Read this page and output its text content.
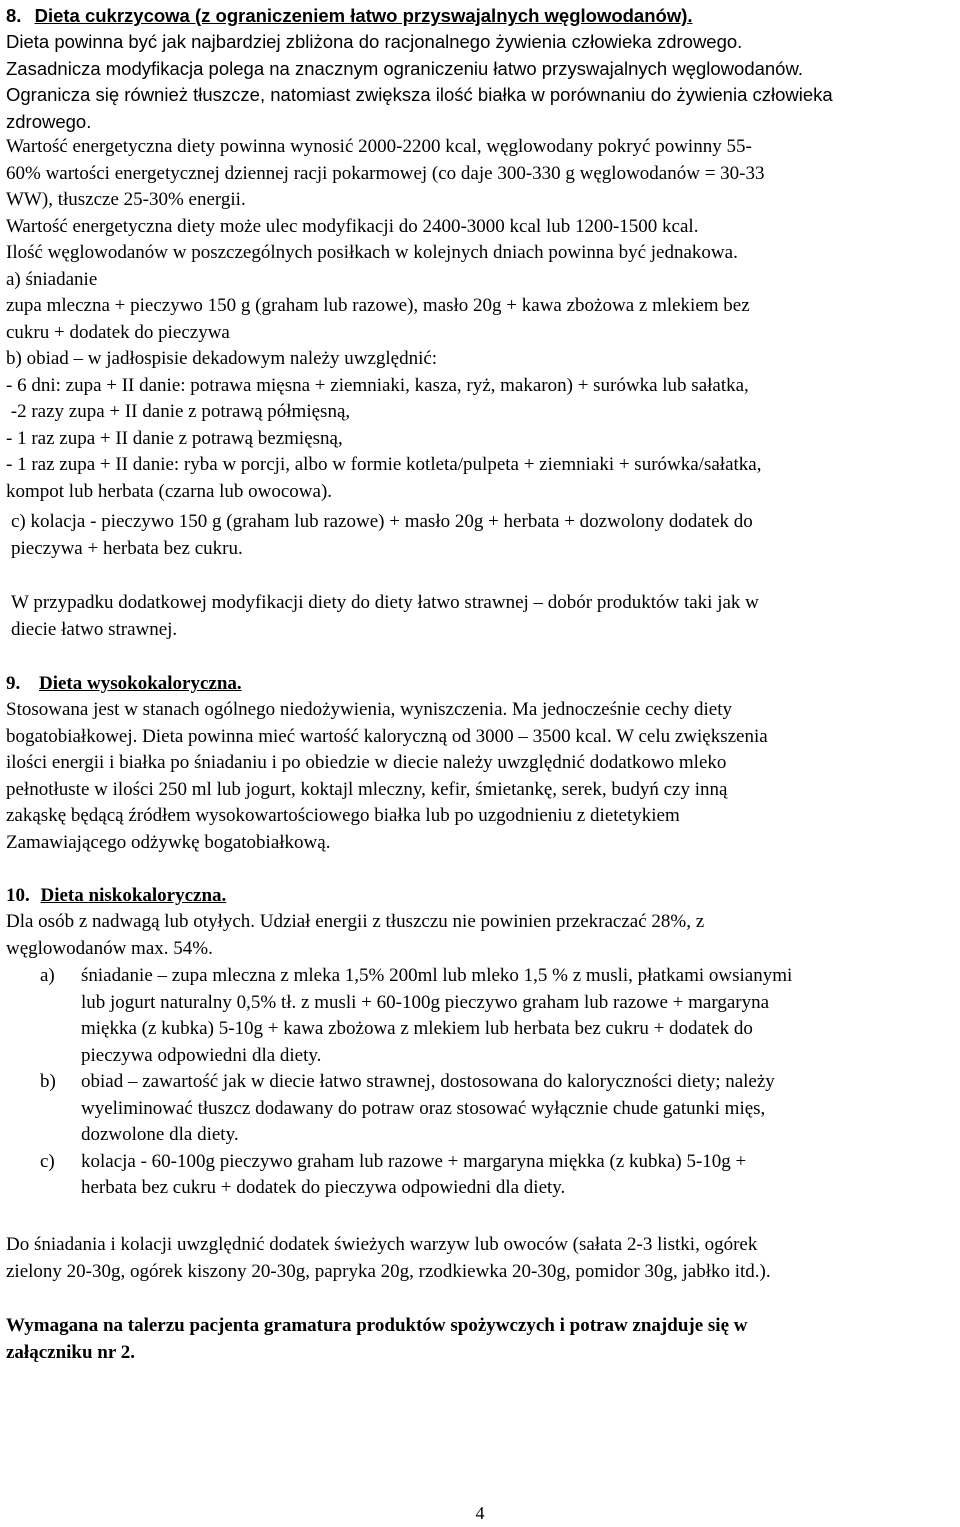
8. Dieta cukrzycowa (z ograniczeniem łatwo przyswajalnych węglowodanów).

Dieta powinna być jak najbardziej zbliżona do racjonalnego żywienia człowieka zdrowego.

Zasadnicza modyfikacja polega na znacznym ograniczeniu łatwo przyswajalnych węglowodanów.

Ogranicza się również tłuszcze, natomiast zwiększa ilość białka w porównaniu do żywienia człowieka

zdrowego.

Wartość energetyczna diety powinna wynosić 2000-2200 kcal, węglowodany pokryć powinny 55-

60% wartości energetycznej dziennej racji pokarmowej (co daje 300-330 g węglowodanów = 30-33

WW), tłuszcze 25-30% energii.

Wartość energetyczna diety może ulec modyfikacji do 2400-3000 kcal lub 1200-1500 kcal.

Ilość węglowodanów w poszczególnych posiłkach w kolejnych dniach powinna być jednakowa.

a) śniadanie

zupa mleczna + pieczywo 150 g (graham lub razowe), masło 20g + kawa zbożowa z mlekiem bez

cukru + dodatek do pieczywa

b) obiad – w jadłospisie dekadowym należy uwzględnić:

- 6 dni: zupa + II danie: potrawa mięsna + ziemniaki, kasza, ryż, makaron) + surówka lub sałatka,

-2 razy zupa + II danie z potrawą półmięsną,

- 1 raz zupa + II danie z potrawą bezmięsną,

- 1 raz zupa + II danie: ryba w porcji, albo w formie kotleta/pulpeta + ziemniaki + surówka/sałatka,

kompot lub herbata (czarna lub owocowa).

c) kolacja - pieczywo 150 g (graham lub razowe) + masło 20g + herbata + dozwolony dodatek do

pieczywa + herbata bez cukru.

W przypadku dodatkowej modyfikacji diety do diety łatwo strawnej – dobór produktów taki jak w

diecie łatwo strawnej.

9. Dieta wysokokaloryczna.

Stosowana jest w stanach ogólnego niedożywienia, wyniszczenia. Ma jednocześnie cechy diety

bogatobiałkowej. Dieta powinna mieć wartość kaloryczną od 3000 – 3500 kcal. W celu zwiększenia

ilości energii i białka po śniadaniu i po obiedzie w diecie należy uwzględnić dodatkowo mleko

pełnotłuste w ilości 250 ml lub jogurt, koktajl mleczny, kefir, śmietankę, serek, budyń czy inną

zakąskę będącą źródłem wysokowartościowego białka lub po uzgodnieniu z dietetykiem

Zamawiającego odżywkę bogatobiałkową.

10. Dieta niskokaloryczna.

Dla osób z nadwagą lub otyłych. Udział energii z tłuszczu nie powinien przekraczać 28%, z

węglowodanów max. 54%.

a) śniadanie – zupa mleczna z mleka 1,5% 200ml lub mleko 1,5 % z musli, płatkami owsianymi

lub jogurt naturalny 0,5% tł. z musli + 60-100g pieczywo graham lub razowe + margaryna

miękka (z kubka) 5-10g + kawa zbożowa z mlekiem lub herbata bez cukru + dodatek do

pieczywa odpowiedni dla diety.

b) obiad – zawartość jak w diecie łatwo strawnej, dostosowana do kaloryczności diety; należy

wyeliminować tłuszcz dodawany do potraw oraz stosować wyłącznie chude gatunki mięs,

dozwolone dla diety.

c) kolacja - 60-100g pieczywo graham lub razowe + margaryna miękka (z kubka) 5-10g +

herbata bez cukru + dodatek do pieczywa odpowiedni dla diety.

Do śniadania i kolacji uwzględnić dodatek świeżych warzyw lub owoców (sałata 2-3 listki, ogórek

zielony 20-30g, ogórek kiszony 20-30g, papryka 20g, rzodkiewka 20-30g, pomidor 30g, jabłko itd.).

Wymagana na talerzu pacjenta gramatura produktów spożywczych i potraw znajduje się w

załączniku nr 2.

4
